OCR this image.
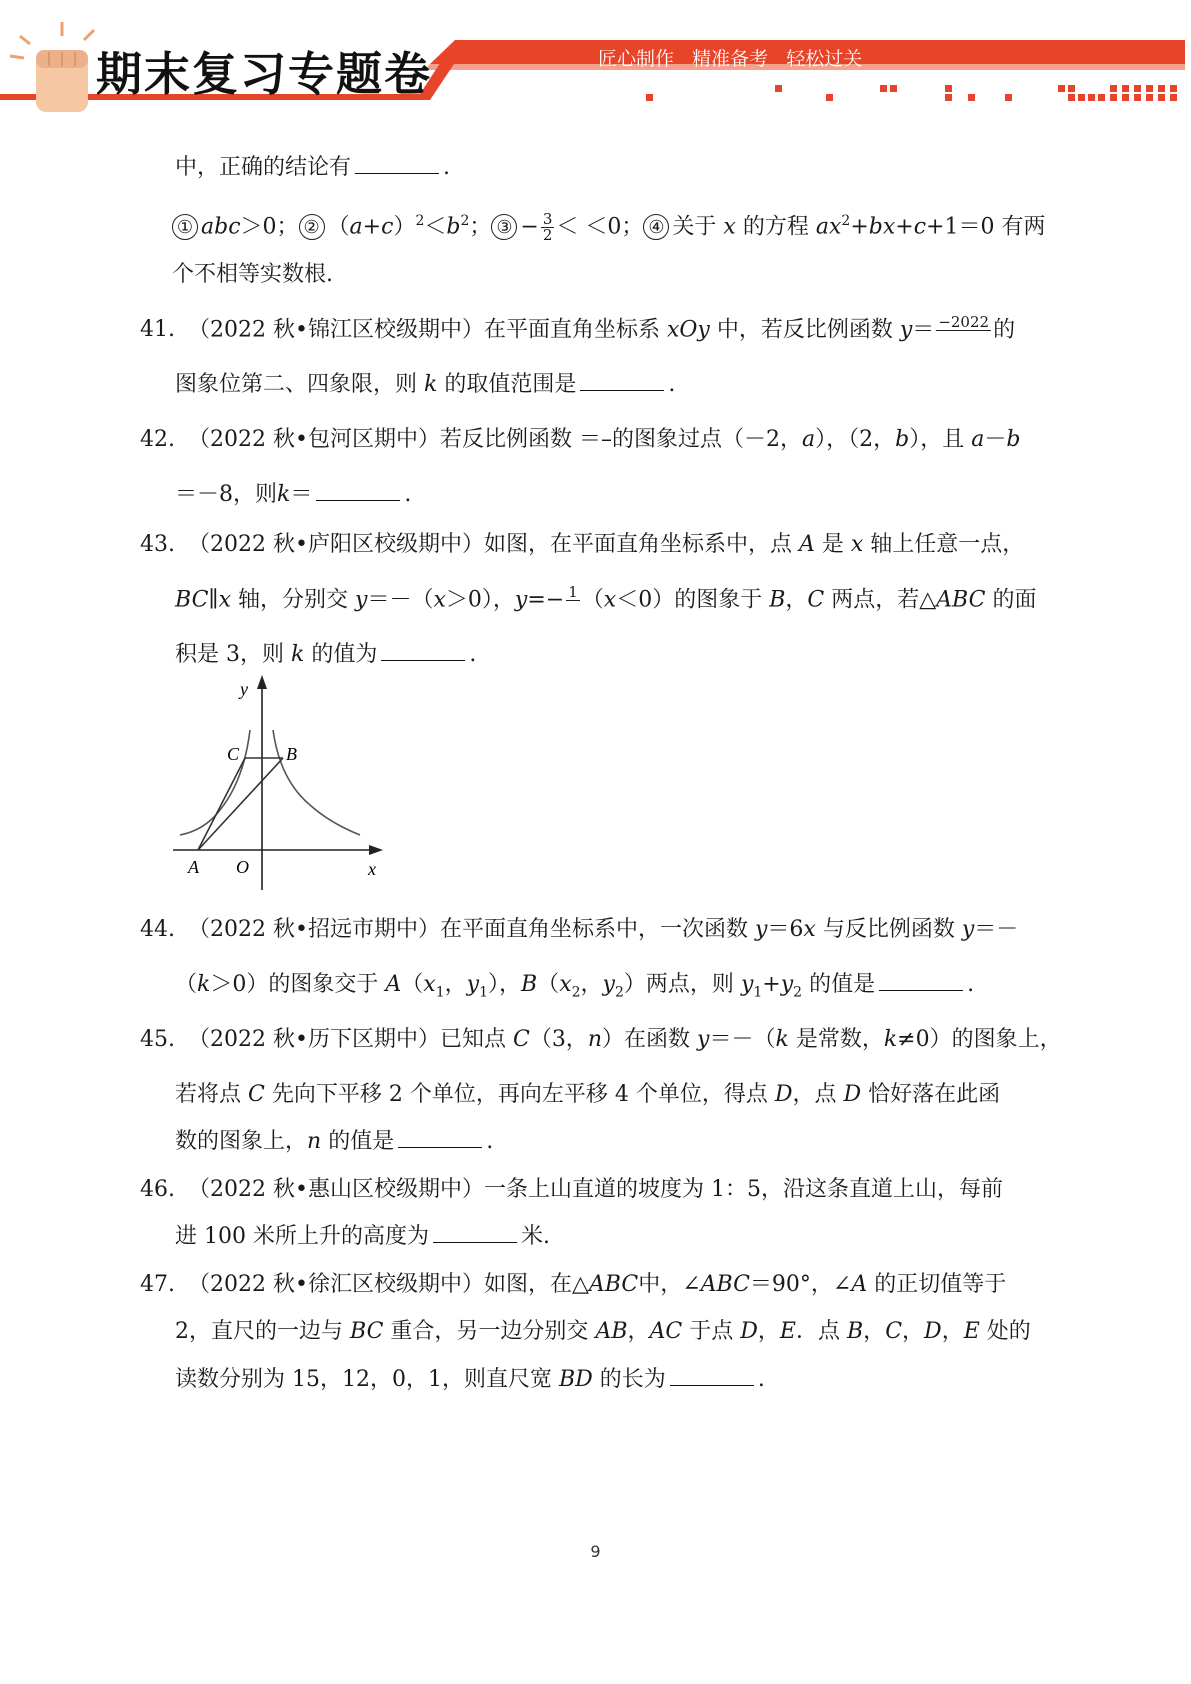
期末复习专题卷	匠心制作   精准备考   轻松过关
中，正确的结论有	.
① abc＞0； ② $(a+c)^2<b^2$； ③ − $\frac{3}{2} < <0$； ④ 关于 x 的方程 $ax^2+bx+c+1=0$ 有两
个不相等实数根.
41. （2022 秋•锦江区校级期中）在平面直角坐标系 xOy 中，若反比例函数 y＝ −2022
的
图象位第二、四象限，则 k 的取值范围是	.
42. （2022 秋•包河区期中）若反比例函数 ＝–的图象过点（－2，a），（2，b），且 a－b
＝－8，则k＝	.
43. （2022 秋•庐阳区校级期中）如图，在平面直角坐标系中，点 A 是 x 轴上任意一点，
BC∥x 轴，分别交 y＝－（x＞0），y=− 1
（x＜0）的图象于 B，C 两点，若△ABC 的面
积是 3，则 k 的值为	.
y
x
A O
C	B
44. （2022 秋•招远市期中）在平面直角坐标系中，一次函数 y＝6x 与反比例函数 y＝－
（k＞0）的图象交于 $A(x_1$，$y_1$），$B(x_2$，$y_2$）两点，则 $y_1+y_2$ 的值是	.
45. （2022 秋•历下区期中）已知点 C（3，n）在函数 y＝－（k 是常数，k≠0）的图象上，
若将点 C 先向下平移 2 个单位，再向左平移 4 个单位，得点 D，点 D 恰好落在此函
数的图象上，n 的值是	.
46. （2022 秋•惠山区校级期中）一条上山直道的坡度为 1：5，沿这条直道上山，每前
进 100 米所上升的高度为	米.
47. （2022 秋•徐汇区校级期中）如图，在△ABC中，∠ABC＝90°，∠A 的正切值等于
2，直尺的一边与 BC 重合，另一边分别交 AB，AC 于点 D，E．点 B，C，D，E 处的
读数分别为 15，12，0，1，则直尺宽 BD 的长为	.
9
